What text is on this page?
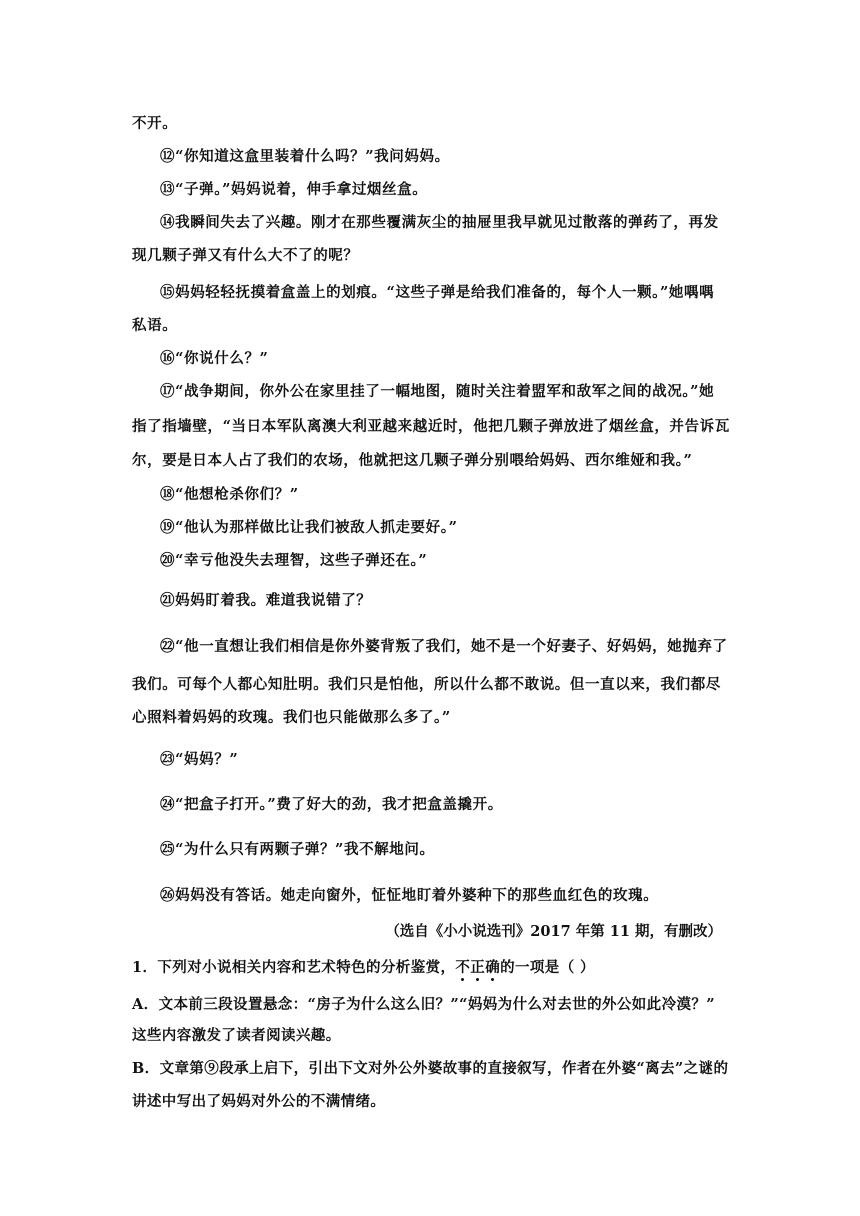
不开。
⑫“你知道这盒里装着什么吗？”我问妈妈。
⑬“子弹。”妈妈说着，伸手拿过烟丝盒。
⑭我瞬间失去了兴趣。刚才在那些覆满灰尘的抽屉里我早就见过散落的弹药了，再发
现几颗子弹又有什么大不了的呢？
⑮妈妈轻轻抚摸着盒盖上的划痕。“这些子弹是给我们准备的，每个人一颗。”她喁喁
私语。
⑯“你说什么？”
⑰“战争期间，你外公在家里挂了一幅地图，随时关注着盟军和敌军之间的战况。”她
指了指墙壁，“当日本军队离澳大利亚越来越近时，他把几颗子弹放进了烟丝盒，并告诉瓦
尔，要是日本人占了我们的农场，他就把这几颗子弹分别喂给妈妈、西尔维娅和我。”
⑱“他想枪杀你们？”
⑲“他认为那样做比让我们被敌人抓走要好。”
⑳“幸亏他没失去理智，这些子弹还在。”
㉑妈妈盯着我。难道我说错了？
㉒“他一直想让我们相信是你外婆背叛了我们，她不是一个好妻子、好妈妈，她抛弃了
我们。可每个人都心知肚明。我们只是怕他，所以什么都不敢说。但一直以来，我们都尽
心照料着妈妈的玫瑰。我们也只能做那么多了。”
㉓“妈妈？”
㉔“把盒子打开。”费了好大的劲，我才把盒盖撬开。
㉕“为什么只有两颗子弹？”我不解地问。
㉖妈妈没有答话。她走向窗外，怔怔地盯着外婆种下的那些血红色的玫瑰。
（选自《小小说选刊》2017 年第 11 期，有删改）
1．下列对小说相关内容和艺术特色的分析鉴赏，不正确的一项是（ ）
A．文本前三段设置悬念：“房子为什么这么旧？”“妈妈为什么对去世的外公如此冷漠？”
这些内容激发了读者阅读兴趣。
B．文章第⑨段承上启下，引出下文对外公外婆故事的直接叙写，作者在外婆“离去”之谜的
讲述中写出了妈妈对外公的不满情绪。
